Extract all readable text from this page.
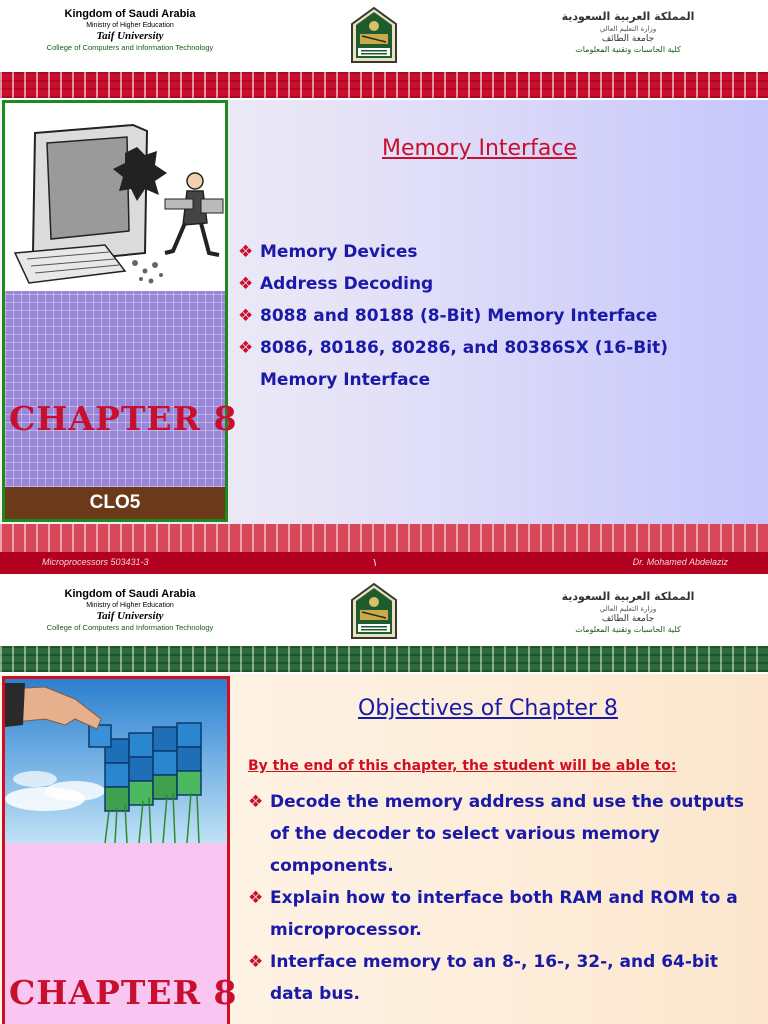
Kingdom of Saudi Arabia
Ministry of Higher Education
Taif University
College of Computers and Information Technology
المملكة العربية السعودية
وزارة التعليم العالي
جامعة الطائف
كلية الحاسبات وتقنية المعلومات
CHAPTER 8
CLO5
Memory Interface
❖ Memory Devices
❖ Address Decoding
❖ 8088 and 80188 (8-Bit) Memory Interface
❖ 8086, 80186, 80286, and 80386SX (16-Bit) Memory Interface
Microprocessors 503431-3	١	Dr. Mohamed Abdelaziz
Kingdom of Saudi Arabia
Ministry of Higher Education
Taif University
College of Computers and Information Technology
المملكة العربية السعودية
وزارة التعليم العالي
جامعة الطائف
كلية الحاسبات وتقنية المعلومات
CHAPTER 8
Objectives of Chapter 8
By the end of this chapter, the student will be able to:
❖ Decode the memory address and use the outputs of the decoder to select various memory components.
❖ Explain how to interface both RAM and ROM to a microprocessor.
❖ Interface memory to an 8-, 16-, 32-, and 64-bit data bus.
